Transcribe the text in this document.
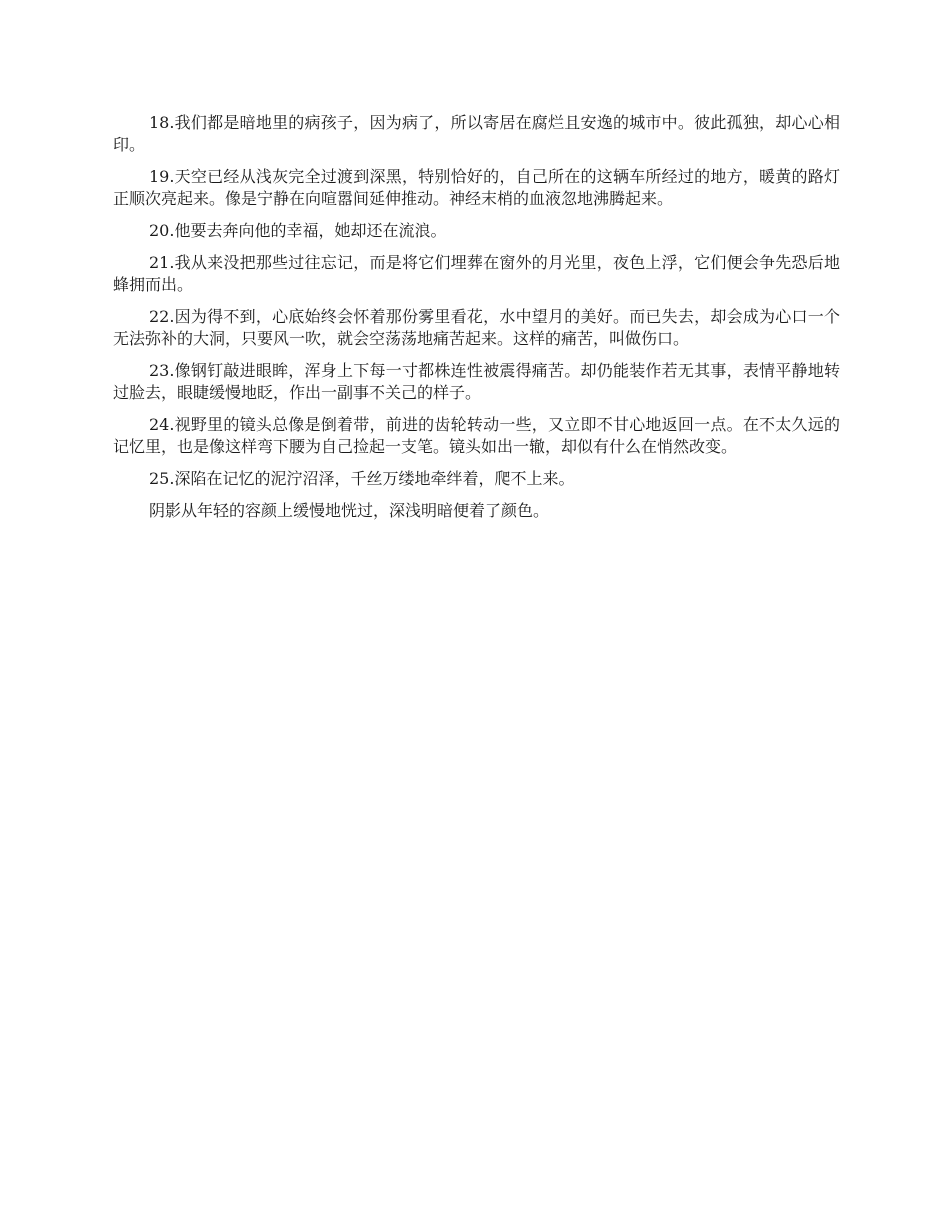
18.我们都是暗地里的病孩子，因为病了，所以寄居在腐烂且安逸的城市中。彼此孤独，却心心相印。

19.天空已经从浅灰完全过渡到深黑，特别恰好的，自己所在的这辆车所经过的地方，暖黄的路灯正顺次亮起来。像是宁静在向喧嚣间延伸推动。神经末梢的血液忽地沸腾起来。

20.他要去奔向他的幸福，她却还在流浪。

21.我从来没把那些过往忘记，而是将它们埋葬在窗外的月光里，夜色上浮，它们便会争先恐后地蜂拥而出。

22.因为得不到，心底始终会怀着那份雾里看花，水中望月的美好。而已失去，却会成为心口一个无法弥补的大洞，只要风一吹，就会空荡荡地痛苦起来。这样的痛苦，叫做伤口。

23.像钢钉敲进眼眸，浑身上下每一寸都株连性被震得痛苦。却仍能装作若无其事，表情平静地转过脸去，眼睫缓慢地眨，作出一副事不关己的样子。

24.视野里的镜头总像是倒着带，前进的齿轮转动一些，又立即不甘心地返回一点。在不太久远的记忆里，也是像这样弯下腰为自己捡起一支笔。镜头如出一辙，却似有什么在悄然改变。

25.深陷在记忆的泥泞沼泽，千丝万缕地牵绊着，爬不上来。

阴影从年轻的容颜上缓慢地恍过，深浅明暗便着了颜色。
